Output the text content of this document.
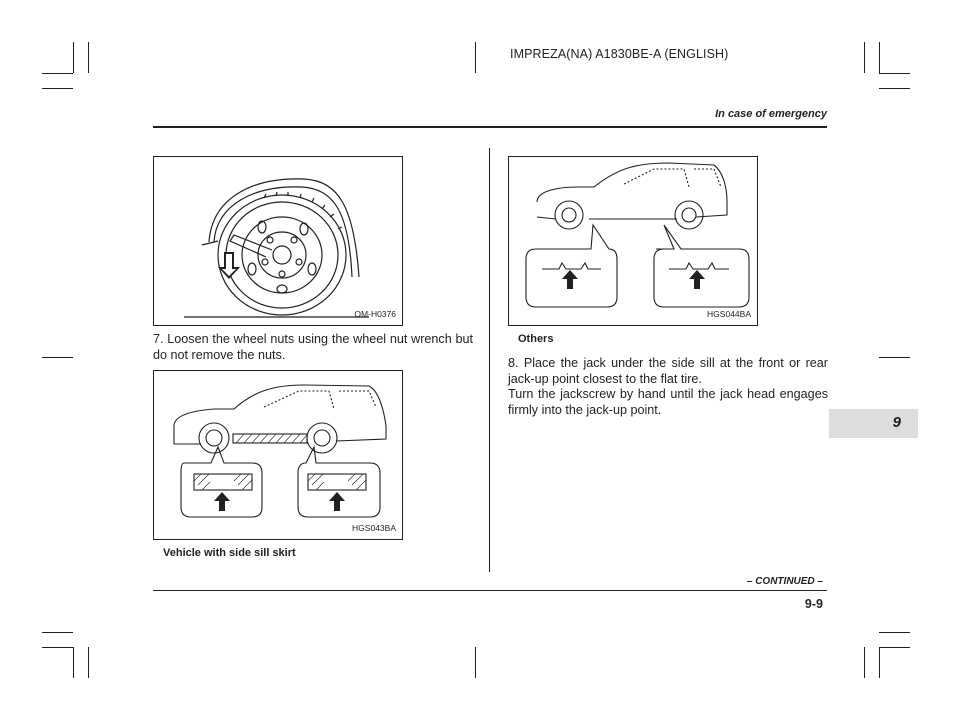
IMPREZA(NA) A1830BE-A (ENGLISH)
In case of emergency
OM-H0376
7. Loosen the wheel nuts using the wheel nut wrench but do not remove the nuts.
HGS043BA
Vehicle with side sill skirt
HGS044BA
Others
8. Place the jack under the side sill at the front or rear jack-up point closest to the flat tire.
Turn the jackscrew by hand until the jack head engages firmly into the jack-up point.
9
– CONTINUED –
9-9
